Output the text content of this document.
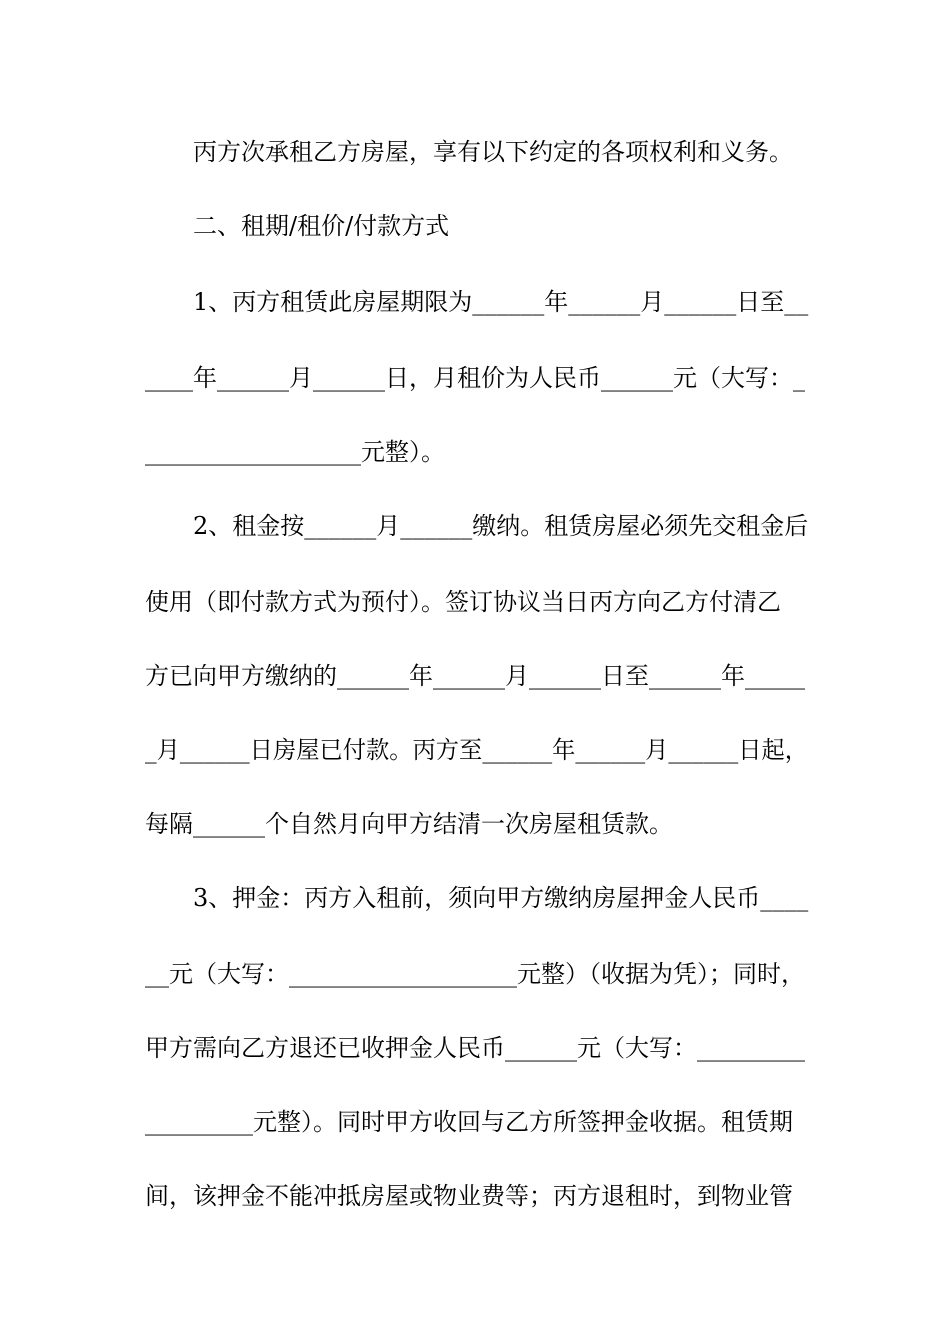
丙方次承租乙方房屋，享有以下约定的各项权利和义务。
二、租期/租价/付款方式
1、丙方租赁此房屋期限为______年______月______日至__
____年______月______日，月租价为人民币______元（大写：_
__________________元整）。
2、租金按______月______缴纳。租赁房屋必须先交租金后
使用（即付款方式为预付）。签订协议当日丙方向乙方付清乙
方已向甲方缴纳的______年______月______日至______年_____
_月______日房屋已付款。丙方至______年______月______日起，
每隔______个自然月向甲方结清一次房屋租赁款。
3、押金：丙方入租前，须向甲方缴纳房屋押金人民币____
__元（大写：___________________元整）（收据为凭）；同时，
甲方需向乙方退还已收押金人民币______元（大写：_________
_________元整）。同时甲方收回与乙方所签押金收据。租赁期
间，该押金不能冲抵房屋或物业费等；丙方退租时，到物业管
